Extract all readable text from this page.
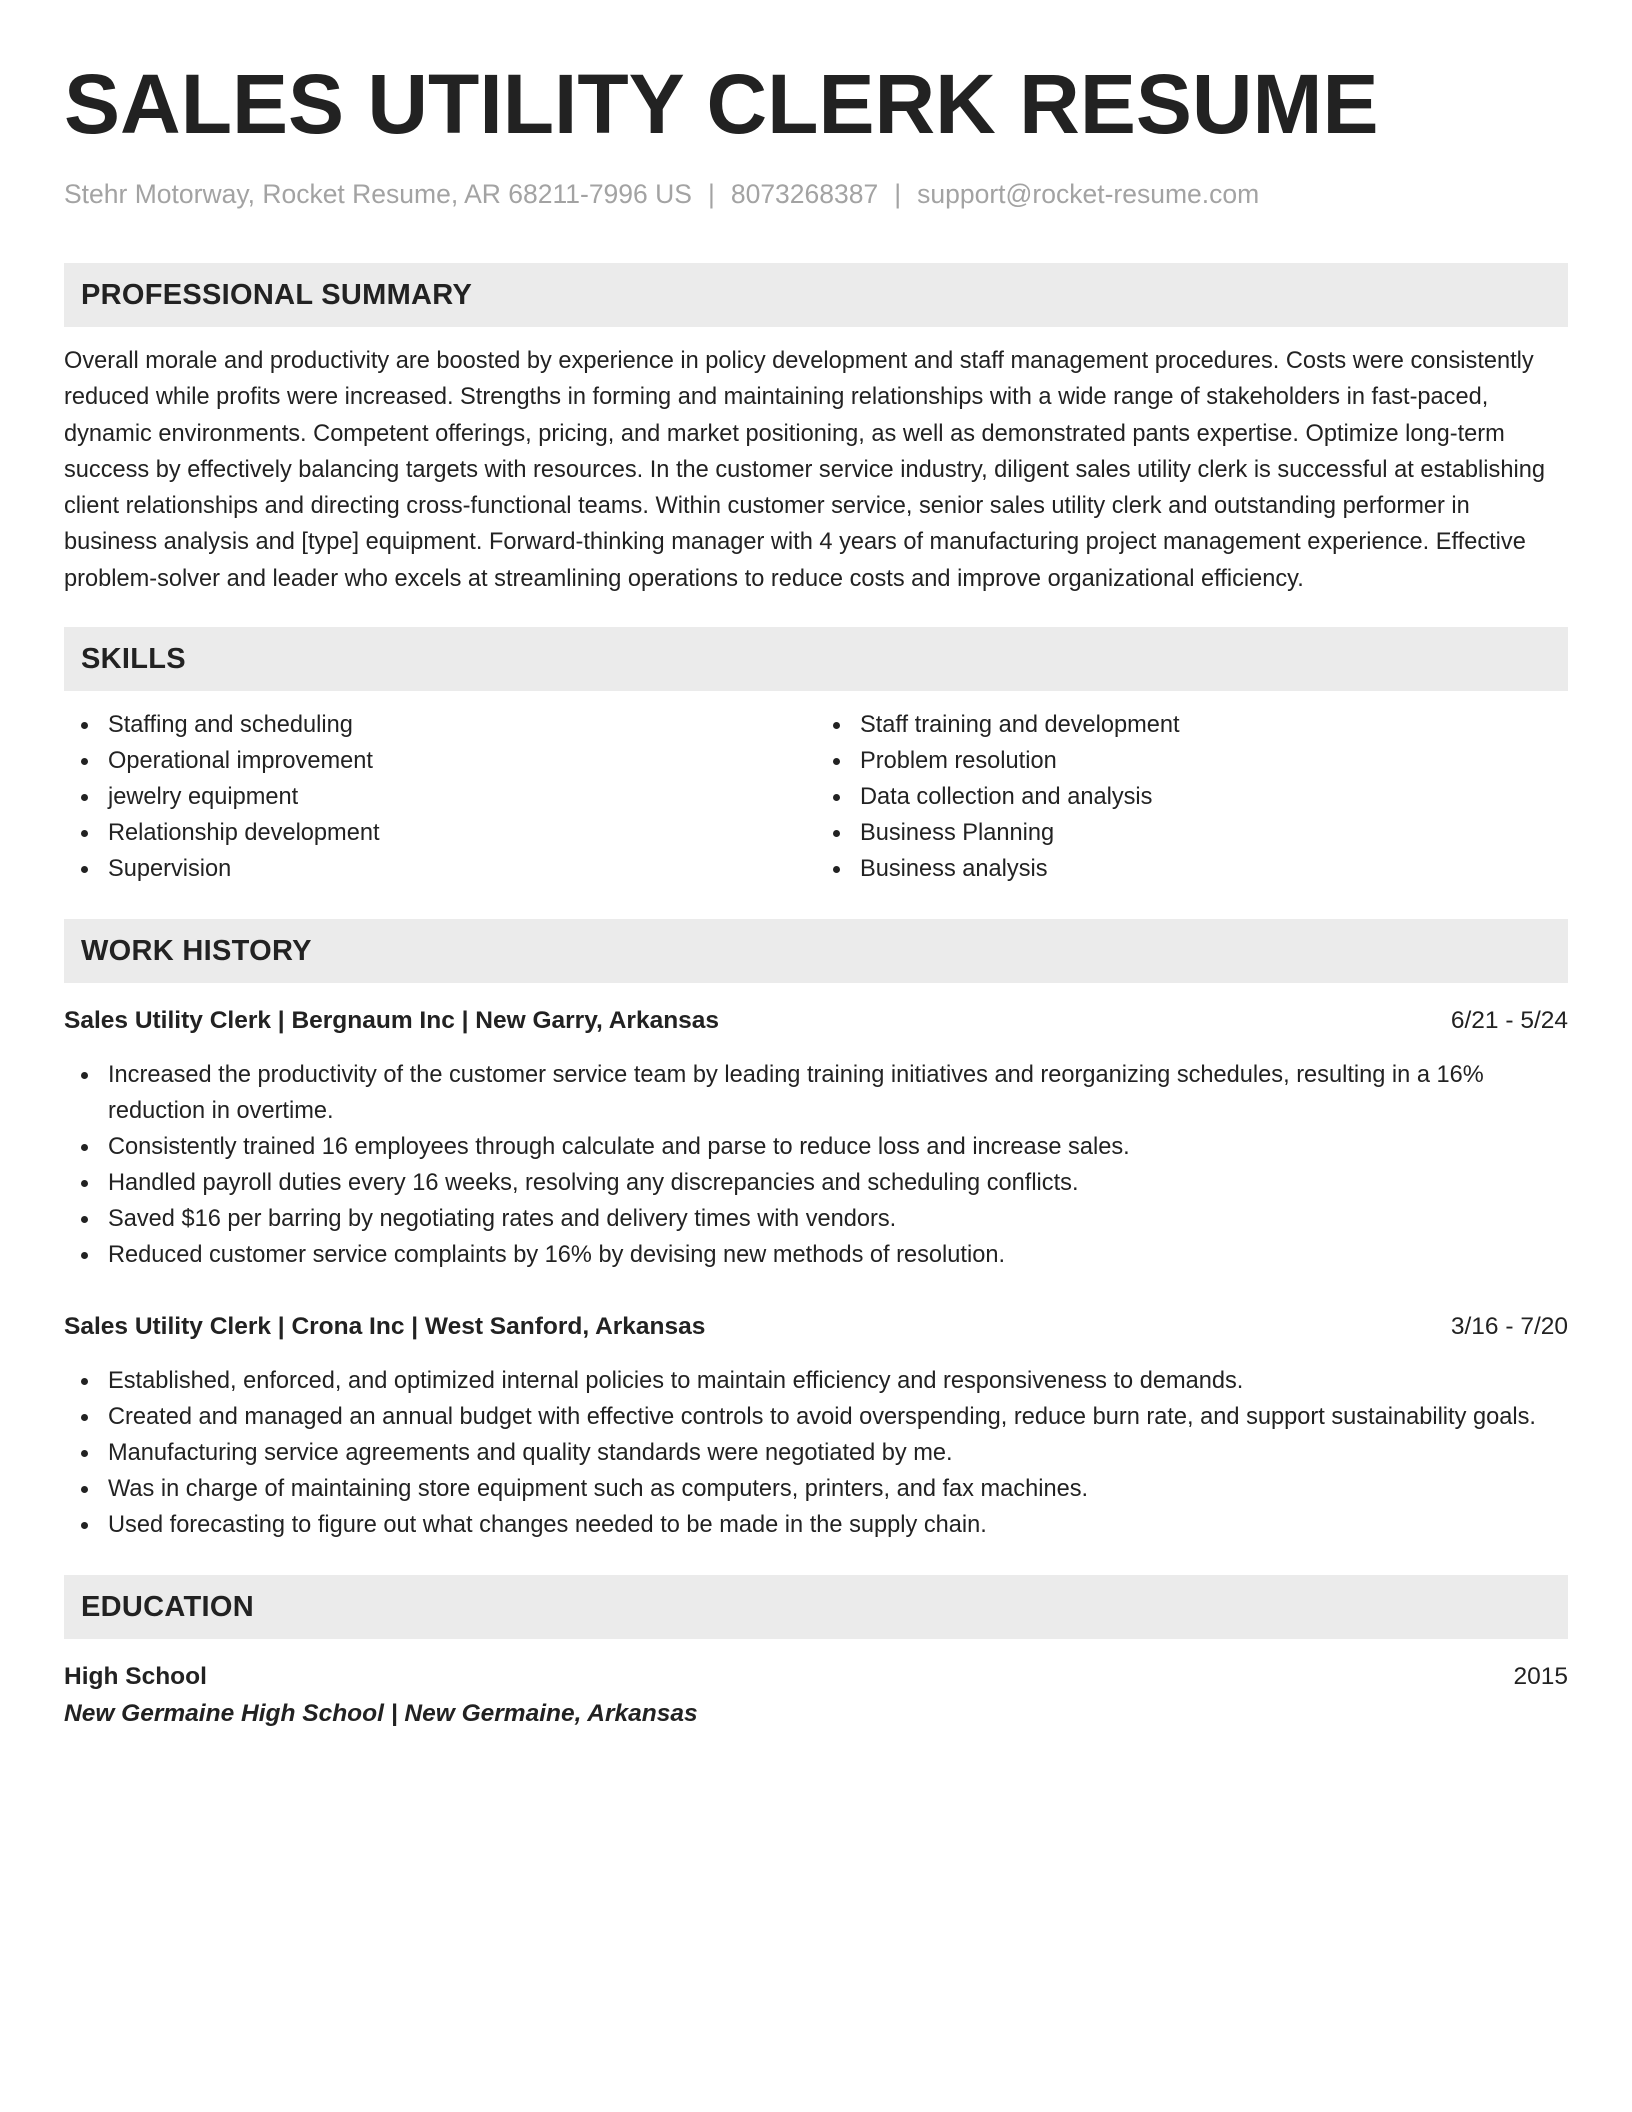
SALES UTILITY CLERK RESUME
Stehr Motorway, Rocket Resume, AR 68211-7996 US | 8073268387 | support@rocket-resume.com
PROFESSIONAL SUMMARY
Overall morale and productivity are boosted by experience in policy development and staff management procedures. Costs were consistently reduced while profits were increased. Strengths in forming and maintaining relationships with a wide range of stakeholders in fast-paced, dynamic environments. Competent offerings, pricing, and market positioning, as well as demonstrated pants expertise. Optimize long-term success by effectively balancing targets with resources. In the customer service industry, diligent sales utility clerk is successful at establishing client relationships and directing cross-functional teams. Within customer service, senior sales utility clerk and outstanding performer in business analysis and [type] equipment. Forward-thinking manager with 4 years of manufacturing project management experience. Effective problem-solver and leader who excels at streamlining operations to reduce costs and improve organizational efficiency.
SKILLS
Staffing and scheduling
Operational improvement
jewelry equipment
Relationship development
Supervision
Staff training and development
Problem resolution
Data collection and analysis
Business Planning
Business analysis
WORK HISTORY
Sales Utility Clerk | Bergnaum Inc | New Garry, Arkansas	6/21 - 5/24
Increased the productivity of the customer service team by leading training initiatives and reorganizing schedules, resulting in a 16% reduction in overtime.
Consistently trained 16 employees through calculate and parse to reduce loss and increase sales.
Handled payroll duties every 16 weeks, resolving any discrepancies and scheduling conflicts.
Saved $16 per barring by negotiating rates and delivery times with vendors.
Reduced customer service complaints by 16% by devising new methods of resolution.
Sales Utility Clerk | Crona Inc | West Sanford, Arkansas	3/16 - 7/20
Established, enforced, and optimized internal policies to maintain efficiency and responsiveness to demands.
Created and managed an annual budget with effective controls to avoid overspending, reduce burn rate, and support sustainability goals.
Manufacturing service agreements and quality standards were negotiated by me.
Was in charge of maintaining store equipment such as computers, printers, and fax machines.
Used forecasting to figure out what changes needed to be made in the supply chain.
EDUCATION
High School	2015
New Germaine High School | New Germaine, Arkansas
